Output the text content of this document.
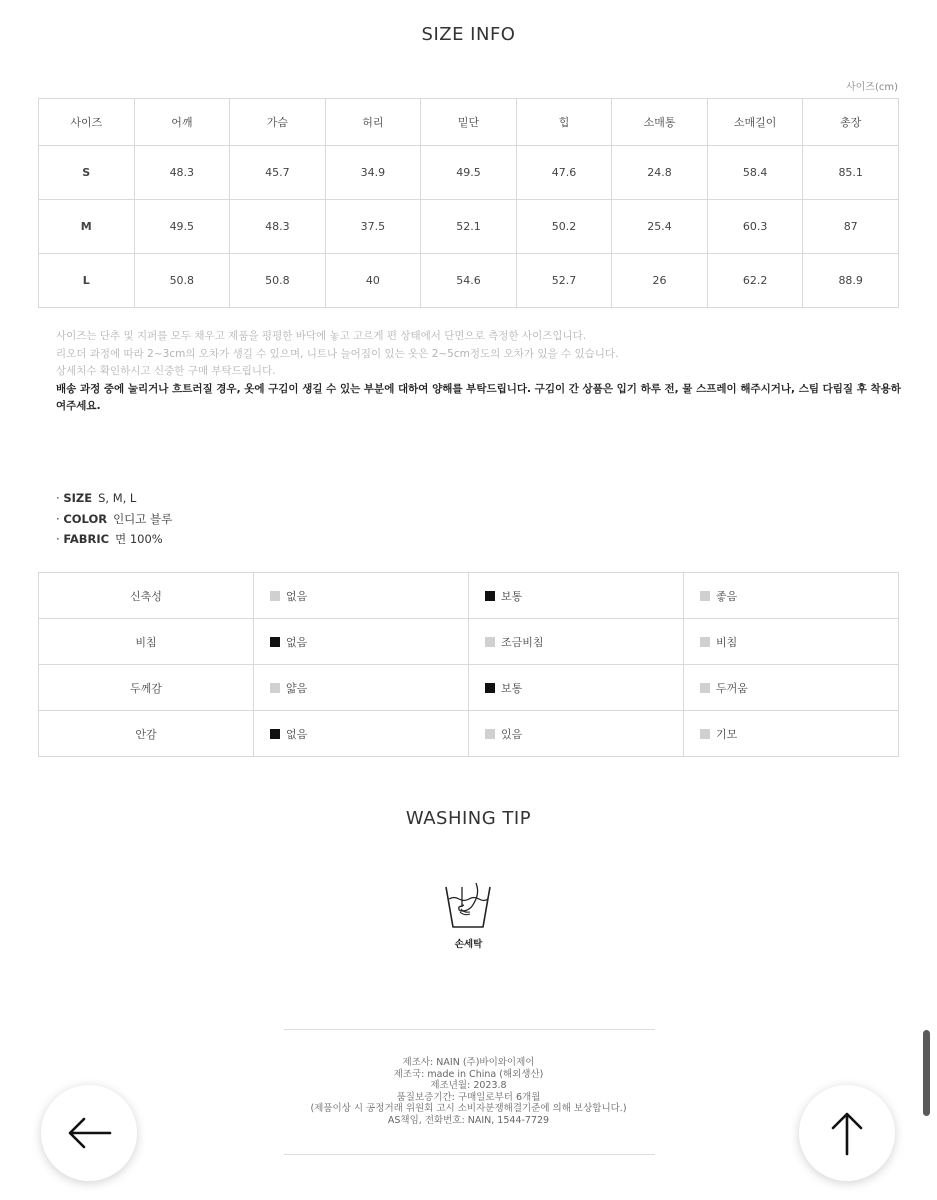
SIZE INFO
사이즈(cm)
사이즈	어깨	가슴	허리	밑단	힙	소매통	소매길이	총장
S	48.3	45.7	34.9	49.5	47.6	24.8	58.4	85.1
M	49.5	48.3	37.5	52.1	50.2	25.4	60.3	87
L	50.8	50.8	40	54.6	52.7	26	62.2	88.9
사이즈는 단추 및 지퍼를 모두 채우고 제품을 평평한 바닥에 놓고 고르게 편 상태에서 단면으로 측정한 사이즈입니다.
리오더 과정에 따라 2~3cm의 오차가 생길 수 있으며, 니트나 늘어짐이 있는 옷은 2~5cm정도의 오차가 있을 수 있습니다.
상세치수 확인하시고 신중한 구매 부탁드립니다.
배송 과정 중에 눌리거나 흐트러질 경우, 옷에 구김이 생길 수 있는 부분에 대하여 양해를 부탁드립니다. 구김이 간 상품은 입기 하루 전, 물 스프레이 해주시거나, 스팀 다림질 후 착용하여주세요.
· SIZE S, M, L
· COLOR 인디고 블루
· FABRIC 면 100%
신축성	없음	보통	좋음
비침	없음	조금비침	비침
두께감	얇음	보통	두꺼움
안감	없음	있음	기모
WASHING TIP
손세탁
제조사: NAIN (주)바이와이제이
제조국: made in China (해외생산)
제조년월: 2023.8
품질보증기간: 구매일로부터 6개월
(제품이상 시 공정거래 위원회 고시 소비자분쟁해결기준에 의해 보상합니다.)
AS책임, 전화번호: NAIN, 1544-7729
